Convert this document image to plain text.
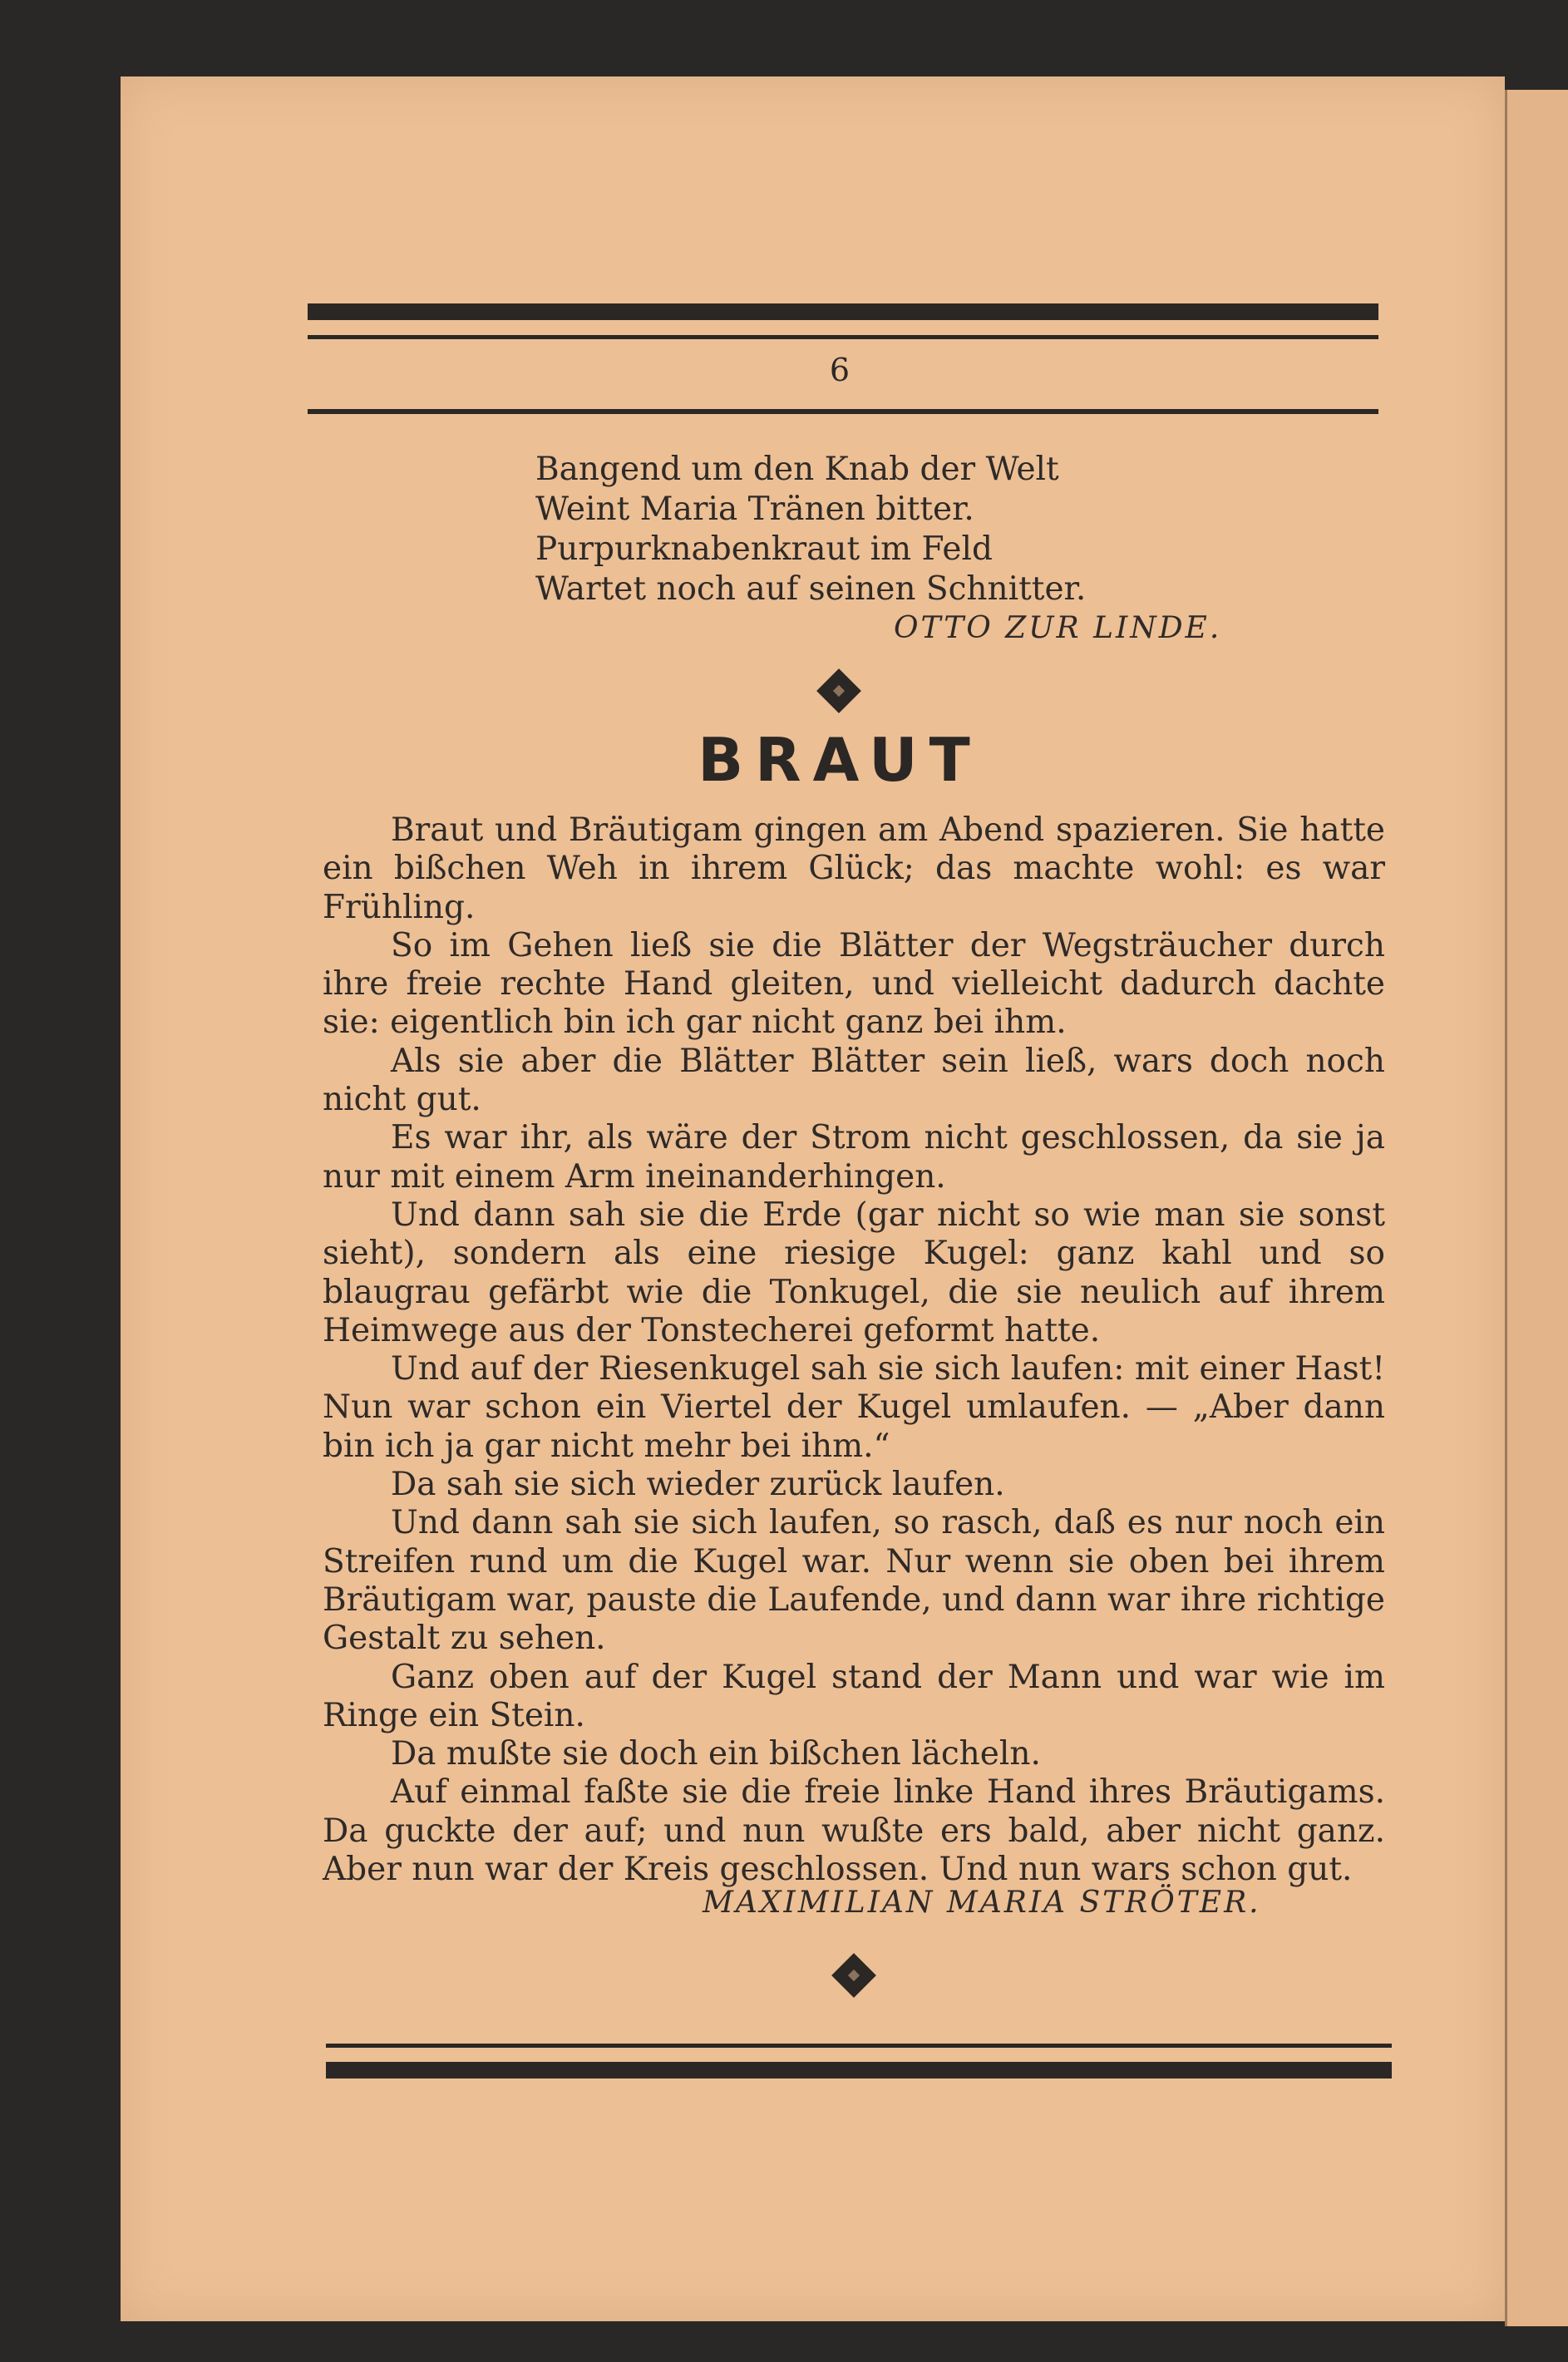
6
Bangend um den Knab der Welt
Weint Maria Tränen bitter.
Purpurknabenkraut im Feld
Wartet noch auf seinen Schnitter.
OTTO ZUR LINDE.
BRAUT

Braut und Bräutigam gingen am Abend spazieren. Sie hatte ein bißchen Weh in ihrem Glück; das machte wohl: es war Frühling.

So im Gehen ließ sie die Blätter der Wegsträucher durch ihre freie rechte Hand gleiten, und vielleicht dadurch dachte sie: eigentlich bin ich gar nicht ganz bei ihm.

Als sie aber die Blätter Blätter sein ließ, wars doch noch nicht gut.

Es war ihr, als wäre der Strom nicht geschlossen, da sie ja nur mit einem Arm ineinanderhingen.

Und dann sah sie die Erde (gar nicht so wie man sie sonst sieht), sondern als eine riesige Kugel: ganz kahl und so blaugrau gefärbt wie die Tonkugel, die sie neulich auf ihrem Heimwege aus der Tonstecherei geformt hatte.

Und auf der Riesenkugel sah sie sich laufen: mit einer Hast! Nun war schon ein Viertel der Kugel umlaufen. — „Aber dann bin ich ja gar nicht mehr bei ihm.“

Da sah sie sich wieder zurück laufen.

Und dann sah sie sich laufen, so rasch, daß es nur noch ein Streifen rund um die Kugel war. Nur wenn sie oben bei ihrem Bräutigam war, pauste die Laufende, und dann war ihre richtige Gestalt zu sehen.

Ganz oben auf der Kugel stand der Mann und war wie im Ringe ein Stein.

Da mußte sie doch ein bißchen lächeln.

Auf einmal faßte sie die freie linke Hand ihres Bräutigams. Da guckte der auf; und nun wußte ers bald, aber nicht ganz. Aber nun war der Kreis geschlossen. Und nun wars schon gut.

MAXIMILIAN MARIA STRÖTER.
